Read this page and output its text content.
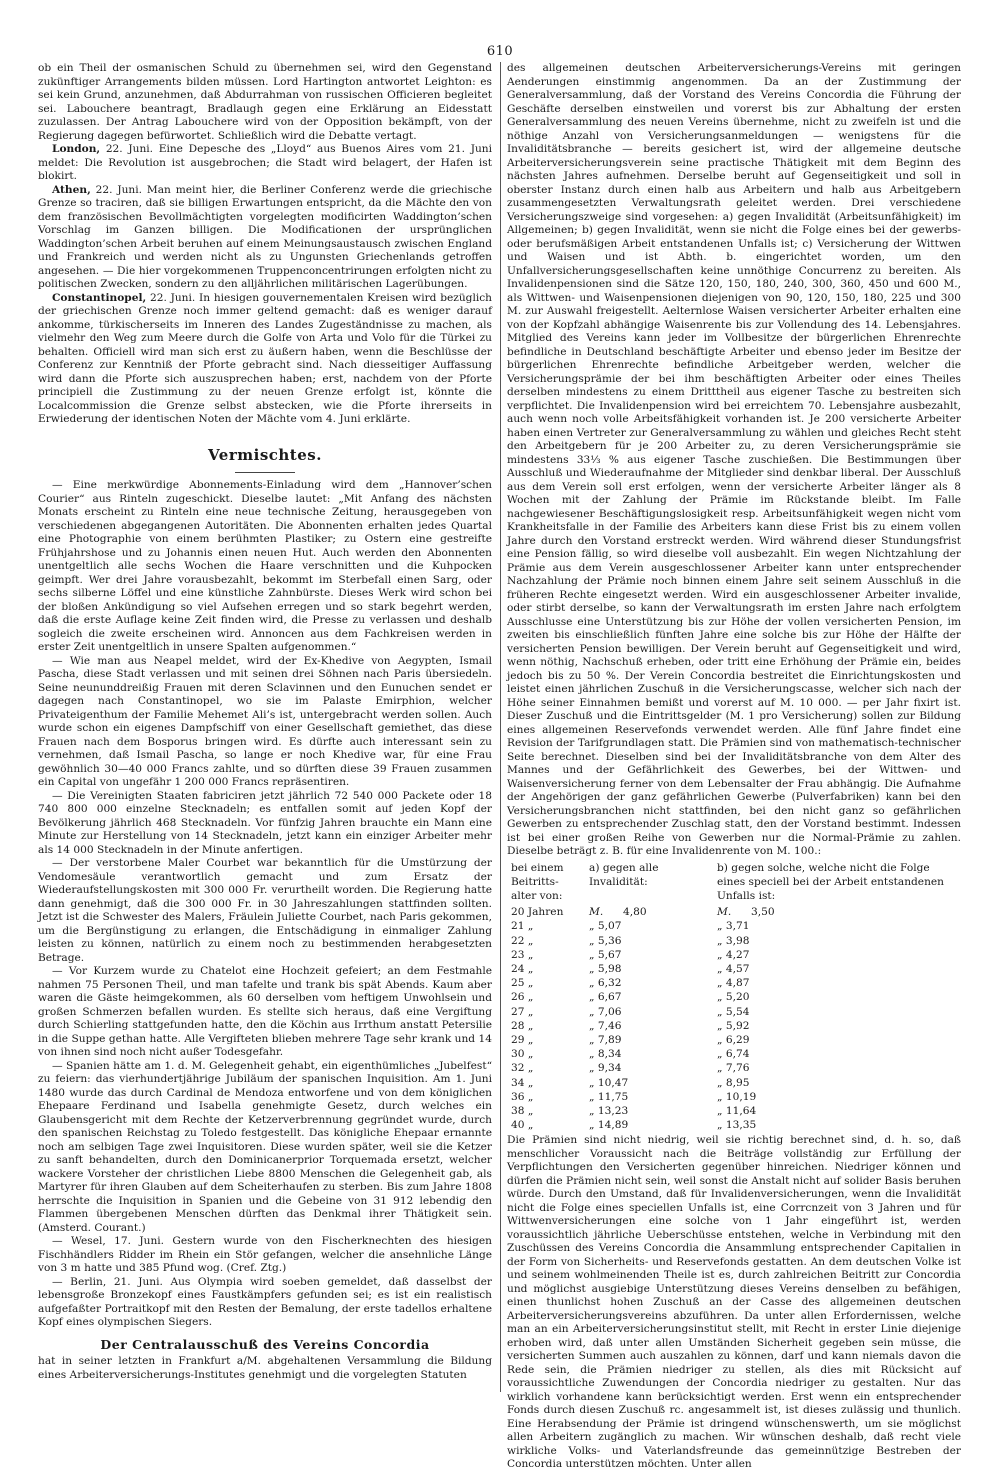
610

ob ein Theil der osmanischen Schuld zu übernehmen sei, wird den Gegenstand zukünftiger Arrangements bilden müssen. Lord Hartington antwortet Leighton: es sei kein Grund, anzunehmen, daß Abdurrahman von russischen Officieren begleitet sei. Labouchere beantragt, Bradlaugh gegen eine Erklärung an Eidesstatt zuzulassen. Der Antrag Labouchere wird von der Opposition bekämpft, von der Regierung dagegen befürwortet. Schließlich wird die Debatte vertagt.

London, 22. Juni. Eine Depesche des „Lloyd“ aus Buenos Aires vom 21. Juni meldet: Die Revolution ist ausgebrochen; die Stadt wird belagert, der Hafen ist blokirt.

Athen, 22. Juni. Man meint hier, die Berliner Conferenz werde die griechische Grenze so traciren, daß sie billigen Erwartungen entspricht, da die Mächte den von dem französischen Bevollmächtigten vorgelegten modificirten Waddington’schen Vorschlag im Ganzen billigen. Die Modificationen der ursprünglichen Waddington’schen Arbeit beruhen auf einem Meinungsaustausch zwischen England und Frankreich und werden nicht als zu Ungunsten Griechenlands getroffen angesehen. — Die hier vorgekommenen Truppenconcentrirungen erfolgten nicht zu politischen Zwecken, sondern zu den alljährlichen militärischen Lagerübungen.

Constantinopel, 22. Juni. In hiesigen gouvernementalen Kreisen wird bezüglich der griechischen Grenze noch immer geltend gemacht: daß es weniger darauf ankomme, türkischerseits im Inneren des Landes Zugeständnisse zu machen, als vielmehr den Weg zum Meere durch die Golfe von Arta und Volo für die Türkei zu behalten. Officiell wird man sich erst zu äußern haben, wenn die Beschlüsse der Conferenz zur Kenntniß der Pforte gebracht sind. Nach diesseitiger Auffassung wird dann die Pforte sich auszusprechen haben; erst, nachdem von der Pforte principiell die Zustimmung zu der neuen Grenze erfolgt ist, könnte die Localcommission die Grenze selbst abstecken, wie die Pforte ihrerseits in Erwiederung der identischen Noten der Mächte vom 4. Juni erklärte.

Vermischtes.

— Eine merkwürdige Abonnements-Einladung wird dem „Hannover’schen Courier“ aus Rinteln zugeschickt. Dieselbe lautet: „Mit Anfang des nächsten Monats erscheint zu Rinteln eine neue technische Zeitung, herausgegeben von verschiedenen abgegangenen Autoritäten. Die Abonnenten erhalten jedes Quartal eine Photographie von einem berühmten Plastiker; zu Ostern eine gestreifte Frühjahrshose und zu Johannis einen neuen Hut. Auch werden den Abonnenten unentgeltlich alle sechs Wochen die Haare verschnitten und die Kuhpocken geimpft. Wer drei Jahre vorausbezahlt, bekommt im Sterbefall einen Sarg, oder sechs silberne Löffel und eine künstliche Zahnbürste. Dieses Werk wird schon bei der bloßen Ankündigung so viel Aufsehen erregen und so stark begehrt werden, daß die erste Auflage keine Zeit finden wird, die Presse zu verlassen und deshalb sogleich die zweite erscheinen wird. Annoncen aus dem Fachkreisen werden in erster Zeit unentgeltlich in unsere Spalten aufgenommen.“

— Wie man aus Neapel meldet, wird der Ex-Khedive von Aegypten, Ismail Pascha, diese Stadt verlassen und mit seinen drei Söhnen nach Paris übersiedeln. Seine neununddreißig Frauen mit deren Sclavinnen und den Eunuchen sendet er dagegen nach Constantinopel, wo sie im Palaste Emirphion, welcher Privateigenthum der Familie Mehemet Ali’s ist, untergebracht werden sollen. Auch wurde schon ein eigenes Dampfschiff von einer Gesellschaft gemiethet, das diese Frauen nach dem Bosporus bringen wird. Es dürfte auch interessant sein zu vernehmen, daß Ismail Pascha, so lange er noch Khedive war, für eine Frau gewöhnlich 30—40 000 Francs zahlte, und so dürften diese 39 Frauen zusammen ein Capital von ungefähr 1 200 000 Francs repräsentiren.

— Die Vereinigten Staaten fabriciren jetzt jährlich 72 540 000 Packete oder 18 740 800 000 einzelne Stecknadeln; es entfallen somit auf jeden Kopf der Bevölkerung jährlich 468 Stecknadeln. Vor fünfzig Jahren brauchte ein Mann eine Minute zur Herstellung von 14 Stecknadeln, jetzt kann ein einziger Arbeiter mehr als 14 000 Stecknadeln in der Minute anfertigen.

— Der verstorbene Maler Courbet war bekanntlich für die Umstürzung der Vendomesäule verantwortlich gemacht und zum Ersatz der Wiederaufstellungskosten mit 300 000 Fr. verurtheilt worden. Die Regierung hatte dann genehmigt, daß die 300 000 Fr. in 30 Jahreszahlungen stattfinden sollten. Jetzt ist die Schwester des Malers, Fräulein Juliette Courbet, nach Paris gekommen, um die Bergünstigung zu erlangen, die Entschädigung in einmaliger Zahlung leisten zu können, natürlich zu einem noch zu bestimmenden herabgesetzten Betrage.

— Vor Kurzem wurde zu Chatelot eine Hochzeit gefeiert; an dem Festmahle nahmen 75 Personen Theil, und man tafelte und trank bis spät Abends. Kaum aber waren die Gäste heimgekommen, als 60 derselben vom heftigem Unwohlsein und großen Schmerzen befallen wurden. Es stellte sich heraus, daß eine Vergiftung durch Schierling stattgefunden hatte, den die Köchin aus Irrthum anstatt Petersilie in die Suppe gethan hatte. Alle Vergifteten blieben mehrere Tage sehr krank und 14 von ihnen sind noch nicht außer Todesgefahr.

— Spanien hätte am 1. d. M. Gelegenheit gehabt, ein eigenthümliches „Jubelfest“ zu feiern: das vierhundertjährige Jubiläum der spanischen Inquisition. Am 1. Juni 1480 wurde das durch Cardinal de Mendoza entworfene und von dem königlichen Ehepaare Ferdinand und Isabella genehmigte Gesetz, durch welches ein Glaubensgericht mit dem Rechte der Ketzerverbrennung gegründet wurde, durch den spanischen Reichstag zu Toledo festgestellt. Das königliche Ehepaar ernannte noch am selbigen Tage zwei Inquisitoren. Diese wurden später, weil sie die Ketzer zu sanft behandelten, durch den Dominicanerprior Torquemada ersetzt, welcher wackere Vorsteher der christlichen Liebe 8800 Menschen die Gelegenheit gab, als Martyrer für ihren Glauben auf dem Scheiterhaufen zu sterben. Bis zum Jahre 1808 herrschte die Inquisition in Spanien und die Gebeine von 31 912 lebendig den Flammen übergebenen Menschen dürften das Denkmal ihrer Thätigkeit sein. (Amsterd. Courant.)

— Wesel, 17. Juni. Gestern wurde von den Fischerknechten des hiesigen Fischhändlers Ridder im Rhein ein Stör gefangen, welcher die ansehnliche Länge von 3 m hatte und 385 Pfund wog. (Cref. Ztg.)

— Berlin, 21. Juni. Aus Olympia wird soeben gemeldet, daß dasselbst der lebensgroße Bronzekopf eines Faustkämpfers gefunden sei; es ist ein realistisch aufgefaßter Portraitkopf mit den Resten der Bemalung, der erste tadellos erhaltene Kopf eines olympischen Siegers.

Der Centralausschuß des Vereins Concordia

hat in seiner letzten in Frankfurt a/M. abgehaltenen Versammlung die Bildung eines Arbeiterversicherungs-Institutes genehmigt und die vorgelegten Statuten

des allgemeinen deutschen Arbeiterversicherungs-Vereins mit geringen Aenderungen einstimmig angenommen. Da an der Zustimmung der Generalversammlung, daß der Vorstand des Vereins Concordia die Führung der Geschäfte derselben einstweilen und vorerst bis zur Abhaltung der ersten Generalversammlung des neuen Vereins übernehme, nicht zu zweifeln ist und die nöthige Anzahl von Versicherungsanmeldungen — wenigstens für die Invaliditätsbranche — bereits gesichert ist, wird der allgemeine deutsche Arbeiterversicherungsverein seine practische Thätigkeit mit dem Beginn des nächsten Jahres aufnehmen. Derselbe beruht auf Gegenseitigkeit und soll in oberster Instanz durch einen halb aus Arbeitern und halb aus Arbeitgebern zusammengesetzten Verwaltungsrath geleitet werden. Drei verschiedene Versicherungszweige sind vorgesehen: a) gegen Invalidität (Arbeitsunfähigkeit) im Allgemeinen; b) gegen Invalidität, wenn sie nicht die Folge eines bei der gewerbs- oder berufsmäßigen Arbeit entstandenen Unfalls ist; c) Versicherung der Wittwen und Waisen und ist Abth. b. eingerichtet worden, um den Unfallversicherungsgesellschaften keine unnöthige Concurrenz zu bereiten. Als Invalidenpensionen sind die Sätze 120, 150, 180, 240, 300, 360, 450 und 600 M., als Wittwen- und Waisenpensionen diejenigen von 90, 120, 150, 180, 225 und 300 M. zur Auswahl freigestellt. Aelternlose Waisen versicherter Arbeiter erhalten eine von der Kopfzahl abhängige Waisenrente bis zur Vollendung des 14. Lebensjahres. Mitglied des Vereins kann jeder im Vollbesitze der bürgerlichen Ehrenrechte befindliche in Deutschland beschäftigte Arbeiter und ebenso jeder im Besitze der bürgerlichen Ehrenrechte befindliche Arbeitgeber werden, welcher die Versicherungsprämie der bei ihm beschäftigten Arbeiter oder eines Theiles derselben mindestens zu einem Dritttheil aus eigener Tasche zu bestreiten sich verpflichtet. Die Invalidenpension wird bei erreichtem 70. Lebensjahre ausbezahlt, auch wenn noch volle Arbeitsfähigkeit vorhanden ist. Je 200 versicherte Arbeiter haben einen Vertreter zur Generalversammlung zu wählen und gleiches Recht steht den Arbeitgebern für je 200 Arbeiter zu, zu deren Versicherungsprämie sie mindestens 33⅓ % aus eigener Tasche zuschießen. Die Bestimmungen über Ausschluß und Wiederaufnahme der Mitglieder sind denkbar liberal. Der Ausschluß aus dem Verein soll erst erfolgen, wenn der versicherte Arbeiter länger als 8 Wochen mit der Zahlung der Prämie im Rückstande bleibt. Im Falle nachgewiesener Beschäftigungslosigkeit resp. Arbeitsunfähigkeit wegen nicht vom Krankheitsfalle in der Familie des Arbeiters kann diese Frist bis zu einem vollen Jahre durch den Vorstand erstreckt werden. Wird während dieser Stundungsfrist eine Pension fällig, so wird dieselbe voll ausbezahlt. Ein wegen Nichtzahlung der Prämie aus dem Verein ausgeschlossener Arbeiter kann unter entsprechender Nachzahlung der Prämie noch binnen einem Jahre seit seinem Ausschluß in die früheren Rechte eingesetzt werden. Wird ein ausgeschlossener Arbeiter invalide, oder stirbt derselbe, so kann der Verwaltungsrath im ersten Jahre nach erfolgtem Ausschlusse eine Unterstützung bis zur Höhe der vollen versicherten Pension, im zweiten bis einschließlich fünften Jahre eine solche bis zur Höhe der Hälfte der versicherten Pension bewilligen. Der Verein beruht auf Gegenseitigkeit und wird, wenn nöthig, Nachschuß erheben, oder tritt eine Erhöhung der Prämie ein, beides jedoch bis zu 50 %. Der Verein Concordia bestreitet die Einrichtungskosten und leistet einen jährlichen Zuschuß in die Versicherungscasse, welcher sich nach der Höhe seiner Einnahmen bemißt und vorerst auf M. 10 000. — per Jahr fixirt ist. Dieser Zuschuß und die Eintrittsgelder (M. 1 pro Versicherung) sollen zur Bildung eines allgemeinen Reservefonds verwendet werden. Alle fünf Jahre findet eine Revision der Tarifgrundlagen statt. Die Prämien sind von mathematisch-technischer Seite berechnet. Dieselben sind bei der Invaliditätsbranche von dem Alter des Mannes und der Gefährlichkeit des Gewerbes, bei der Wittwen- und Waisenversicherung ferner von dem Lebensalter der Frau abhängig. Die Aufnahme der Angehörigen der ganz gefährlichen Gewerbe (Pulverfabriken) kann bei den Versicherungsbranchen nicht stattfinden, bei den nicht ganz so gefährlichen Gewerben zu entsprechender Zuschlag statt, den der Vorstand bestimmt. Indessen ist bei einer großen Reihe von Gewerben nur die Normal-Prämie zu zahlen. Dieselbe beträgt z. B. für eine Invalidenrente von M. 100.:

bei einem Beitritts-alter von:	a) gegen alle Invalidität:	b) gegen solche, welche nicht die Folge eines speciell bei der Arbeit entstandenen Unfalls ist:
20 Jahren	M. 4,80	M. 3,50
21 „	„ 5,07	„ 3,71
22 „	„ 5,36	„ 3,98
23 „	„ 5,67	„ 4,27
24 „	„ 5,98	„ 4,57
25 „	„ 6,32	„ 4,87
26 „	„ 6,67	„ 5,20
27 „	„ 7,06	„ 5,54
28 „	„ 7,46	„ 5,92
29 „	„ 7,89	„ 6,29
30 „	„ 8,34	„ 6,74
32 „	„ 9,34	„ 7,76
34 „	„ 10,47	„ 8,95
36 „	„ 11,75	„ 10,19
38 „	„ 13,23	„ 11,64
40 „	„ 14,89	„ 13,35

Die Prämien sind nicht niedrig, weil sie richtig berechnet sind, d. h. so, daß menschlicher Voraussicht nach die Beiträge vollständig zur Erfüllung der Verpflichtungen den Versicherten gegenüber hinreichen. Niedriger können und dürfen die Prämien nicht sein, weil sonst die Anstalt nicht auf solider Basis beruhen würde. Durch den Umstand, daß für Invalidenversicherungen, wenn die Invalidität nicht die Folge eines speciellen Unfalls ist, eine Corrcnzeit von 3 Jahren und für Wittwenversicherungen eine solche von 1 Jahr eingeführt ist, werden voraussichtlich jährliche Ueberschüsse entstehen, welche in Verbindung mit den Zuschüssen des Vereins Concordia die Ansammlung entsprechender Capitalien in der Form von Sicherheits- und Reservefonds gestatten. An dem deutschen Volke ist und seinem wohlmeinenden Theile ist es, durch zahlreichen Beitritt zur Concordia und möglichst ausgiebige Unterstützung dieses Vereins denselben zu befähigen, einen thunlichst hohen Zuschuß an der Casse des allgemeinen deutschen Arbeiterversicherungsvereins abzuführen. Da unter allen Erfordernissen, welche man an ein Arbeiterversicherungsinstitut stellt, mit Recht in erster Linie diejenige erhoben wird, daß unter allen Umständen Sicherheit gegeben sein müsse, die versicherten Summen auch auszahlen zu können, darf und kann niemals davon die Rede sein, die Prämien niedriger zu stellen, als dies mit Rücksicht auf voraussichtliche Zuwendungen der Concordia niedriger zu gestalten. Nur das wirklich vorhandene kann berücksichtigt werden. Erst wenn ein entsprechender Fonds durch diesen Zuschuß rc. angesammelt ist, ist dieses zulässig und thunlich. Eine Herabsendung der Prämie ist dringend wünschenswerth, um sie möglichst allen Arbeitern zugänglich zu machen. Wir wünschen deshalb, daß recht viele wirkliche Volks- und Vaterlandsfreunde das gemeinnützige Bestreben der Concordia unterstützen möchten. Unter allen
